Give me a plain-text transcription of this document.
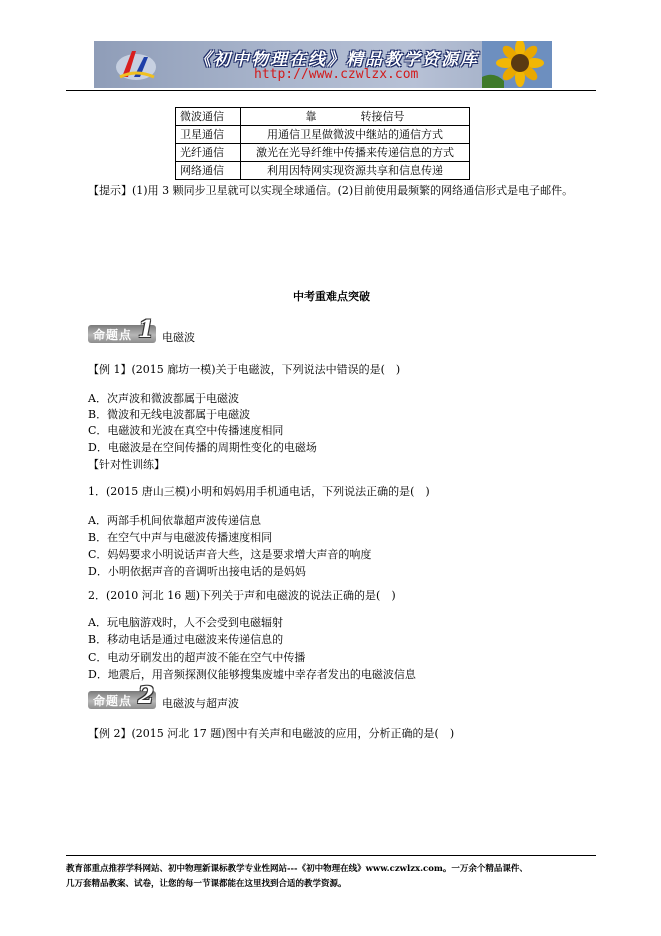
《初中物理在线》精品教学资源库
http://www.czwlzx.com
微波通信	靠　　　　转接信号
卫星通信	用通信卫星做微波中继站的通信方式
光纤通信	激光在光导纤维中传播来传递信息的方式
网络通信	利用因特网实现资源共享和信息传递
【提示】(1)用 3 颗同步卫星就可以实现全球通信。(2)目前使用最频繁的网络通信形式是电子邮件。
中考重难点突破
命题点 1 电磁波
【例 1】(2015 廊坊一模)关于电磁波，下列说法中错误的是(　)
A．次声波和微波都属于电磁波
B．微波和无线电波都属于电磁波
C．电磁波和光波在真空中传播速度相同
D．电磁波是在空间传播的周期性变化的电磁场
【针对性训练】
1．(2015 唐山三模)小明和妈妈用手机通电话，下列说法正确的是(　)
A．两部手机间依靠超声波传递信息
B．在空气中声与电磁波传播速度相同
C．妈妈要求小明说话声音大些，这是要求增大声音的响度
D．小明依据声音的音调听出接电话的是妈妈
2．(2010 河北 16 题)下列关于声和电磁波的说法正确的是(　)
A．玩电脑游戏时，人不会受到电磁辐射
B．移动电话是通过电磁波来传递信息的
C．电动牙刷发出的超声波不能在空气中传播
D．地震后，用音频探测仪能够搜集废墟中幸存者发出的电磁波信息
命题点 2 电磁波与超声波
【例 2】(2015 河北 17 题)图中有关声和电磁波的应用，分析正确的是(　)
教育部重点推荐学科网站、初中物理新课标教学专业性网站---《初中物理在线》www.czwlzx.com。一万余个精品课件、
几万套精品教案、试卷，让您的每一节课都能在这里找到合适的教学资源。
